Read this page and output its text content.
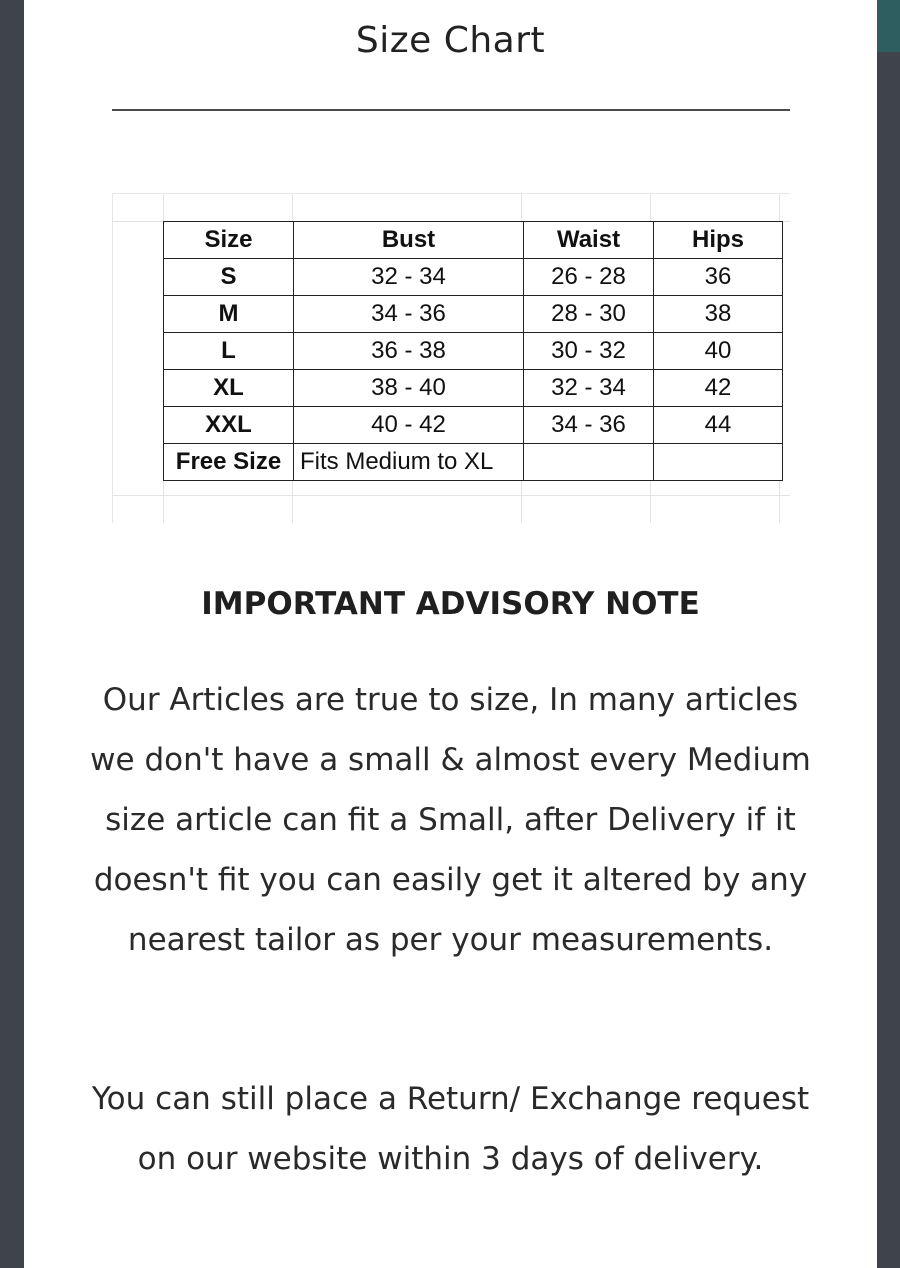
Size Chart
Size	Bust	Waist	Hips
S	32 - 34	26 - 28	36
M	34 - 36	28 - 30	38
L	36 - 38	30 - 32	40
XL	38 - 40	32 - 34	42
XXL	40 - 42	34 - 36	44
Free Size	Fits Medium to XL		
IMPORTANT ADVISORY NOTE

Our Articles are true to size, In many articles we don't have a small & almost every Medium size article can fit a Small, after Delivery if it doesn't fit you can easily get it altered by any nearest tailor as per your measurements.

You can still place a Return/ Exchange request on our website within 3 days of delivery.
